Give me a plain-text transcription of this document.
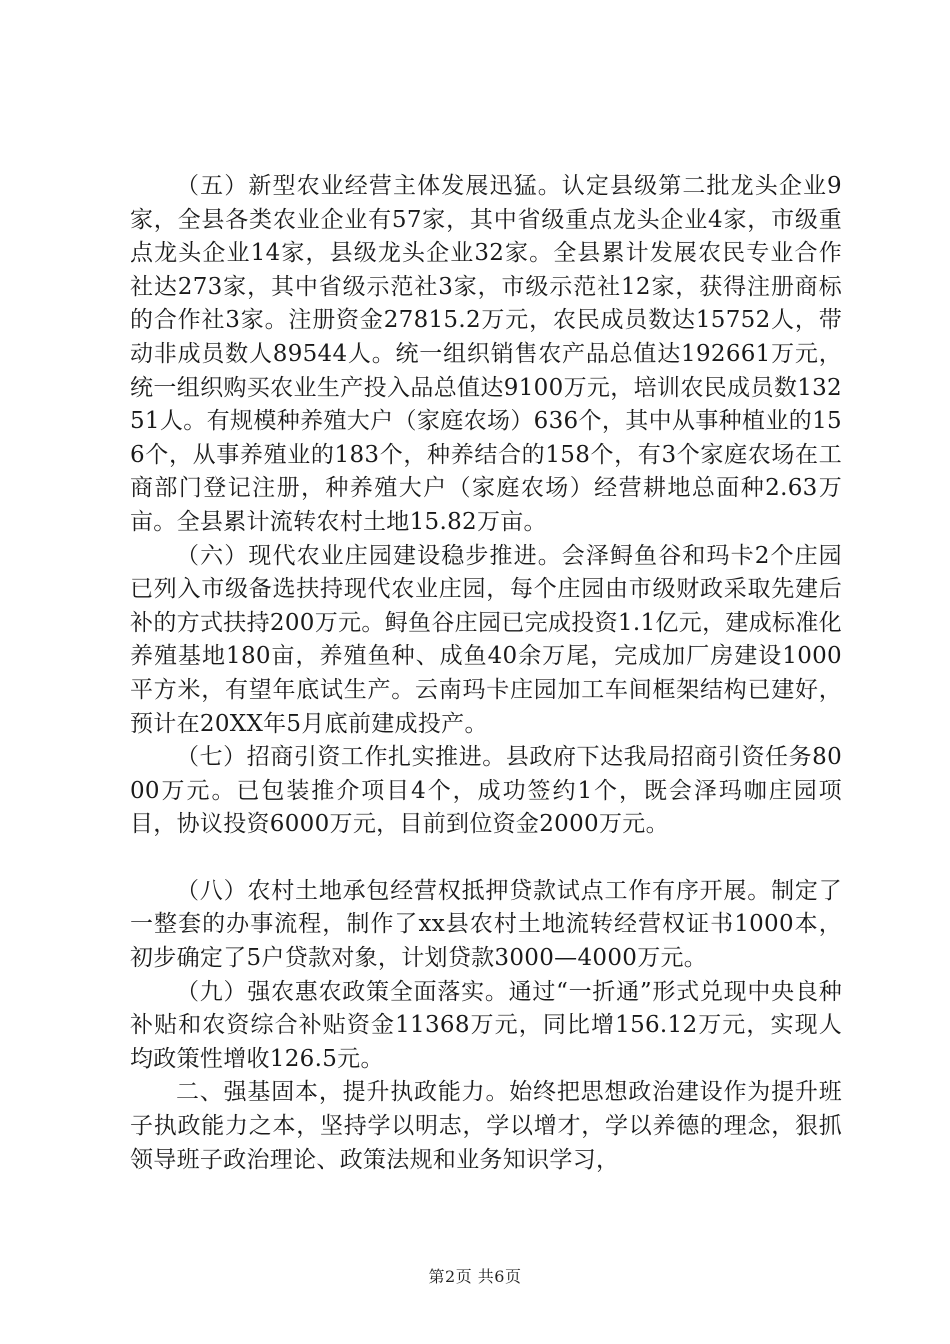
（五）新型农业经营主体发展迅猛。认定县级第二批龙头企业9家，全县各类农业企业有57家，其中省级重点龙头企业4家，市级重点龙头企业14家，县级龙头企业32家。全县累计发展农民专业合作社达273家，其中省级示范社3家，市级示范社12家，获得注册商标的合作社3家。注册资金27815.2万元，农民成员数达15752人，带动非成员数人89544人。统一组织销售农产品总值达192661万元，统一组织购买农业生产投入品总值达9100万元，培训农民成员数13251人。有规模种养殖大户（家庭农场）636个，其中从事种植业的156个，从事养殖业的183个，种养结合的158个，有3个家庭农场在工商部门登记注册，种养殖大户（家庭农场）经营耕地总面种2.63万亩。全县累计流转农村土地15.82万亩。

（六）现代农业庄园建设稳步推进。会泽鲟鱼谷和玛卡2个庄园已列入市级备选扶持现代农业庄园，每个庄园由市级财政采取先建后补的方式扶持200万元。鲟鱼谷庄园已完成投资1.1亿元，建成标准化养殖基地180亩，养殖鱼种、成鱼40余万尾，完成加厂房建设1000平方米，有望年底试生产。云南玛卡庄园加工车间框架结构已建好，预计在20XX年5月底前建成投产。

（七）招商引资工作扎实推进。县政府下达我局招商引资任务8000万元。已包装推介项目4个，成功签约1个，既会泽玛咖庄园项目，协议投资6000万元，目前到位资金2000万元。

（八）农村土地承包经营权抵押贷款试点工作有序开展。制定了一整套的办事流程，制作了xx县农村土地流转经营权证书1000本，初步确定了5户贷款对象，计划贷款3000—4000万元。

（九）强农惠农政策全面落实。通过“一折通”形式兑现中央良种补贴和农资综合补贴资金11368万元，同比增156.12万元，实现人均政策性增收126.5元。

二、强基固本，提升执政能力。始终把思想政治建设作为提升班子执政能力之本，坚持学以明志，学以增才，学以养德的理念，狠抓领导班子政治理论、政策法规和业务知识学习，

第2页 共6页
